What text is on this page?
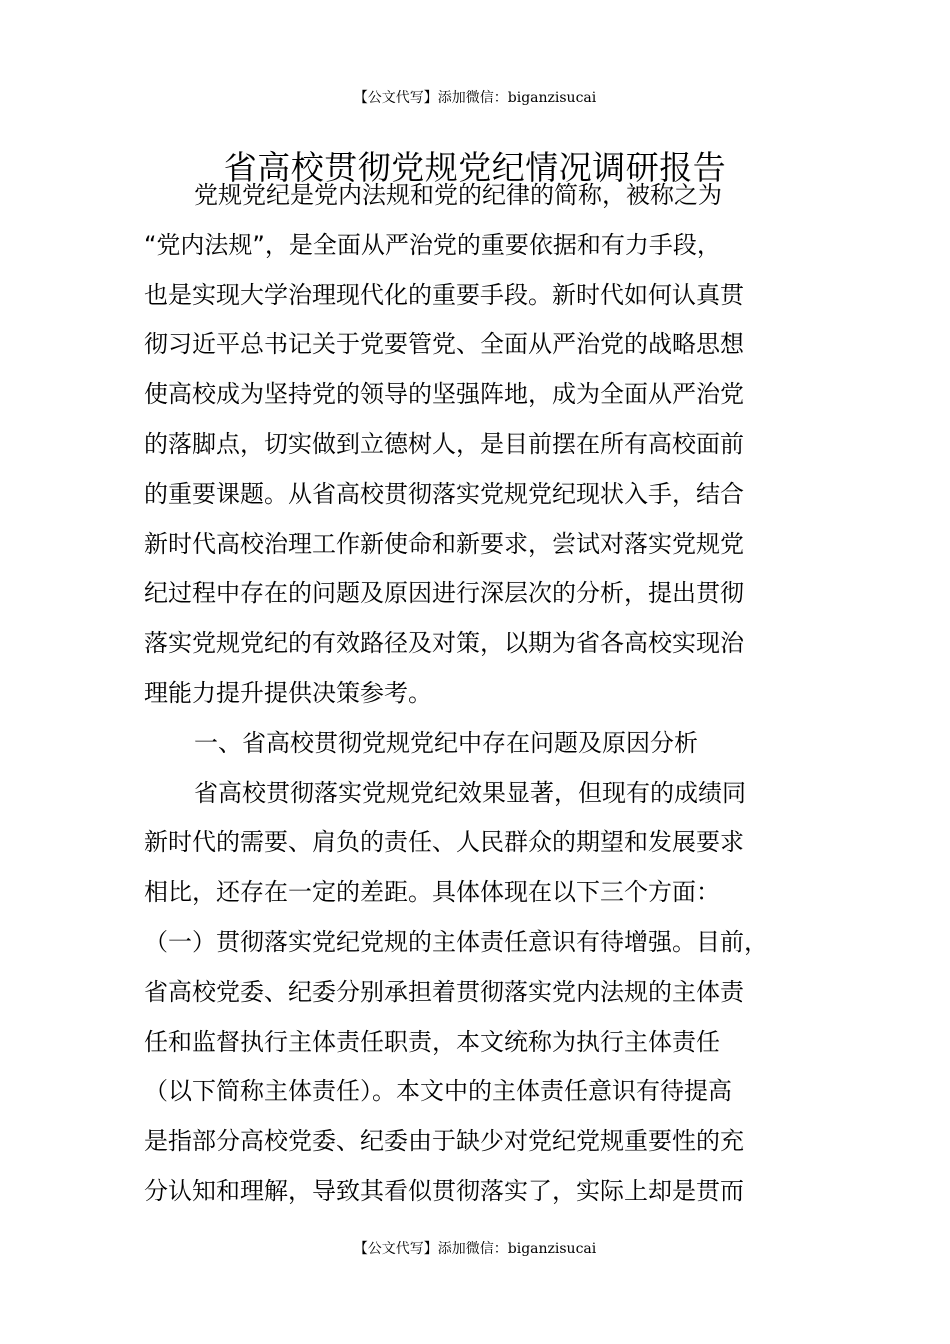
【公文代写】添加微信：biganzisucai
省高校贯彻党规党纪情况调研报告
党规党纪是党内法规和党的纪律的简称，被称之为
“党内法规”，是全面从严治党的重要依据和有力手段，
也是实现大学治理现代化的重要手段。新时代如何认真贯
彻习近平总书记关于党要管党、全面从严治党的战略思想
使高校成为坚持党的领导的坚强阵地，成为全面从严治党
的落脚点，切实做到立德树人，是目前摆在所有高校面前
的重要课题。从省高校贯彻落实党规党纪现状入手，结合
新时代高校治理工作新使命和新要求，尝试对落实党规党
纪过程中存在的问题及原因进行深层次的分析，提出贯彻
落实党规党纪的有效路径及对策，以期为省各高校实现治
理能力提升提供决策参考。
一、省高校贯彻党规党纪中存在问题及原因分析
省高校贯彻落实党规党纪效果显著，但现有的成绩同
新时代的需要、肩负的责任、人民群众的期望和发展要求
相比，还存在一定的差距。具体体现在以下三个方面：
（一）贯彻落实党纪党规的主体责任意识有待增强。目前，
省高校党委、纪委分别承担着贯彻落实党内法规的主体责
任和监督执行主体责任职责，本文统称为执行主体责任
（以下简称主体责任）。本文中的主体责任意识有待提高
是指部分高校党委、纪委由于缺少对党纪党规重要性的充
分认知和理解，导致其看似贯彻落实了，实际上却是贯而
【公文代写】添加微信：biganzisucai
